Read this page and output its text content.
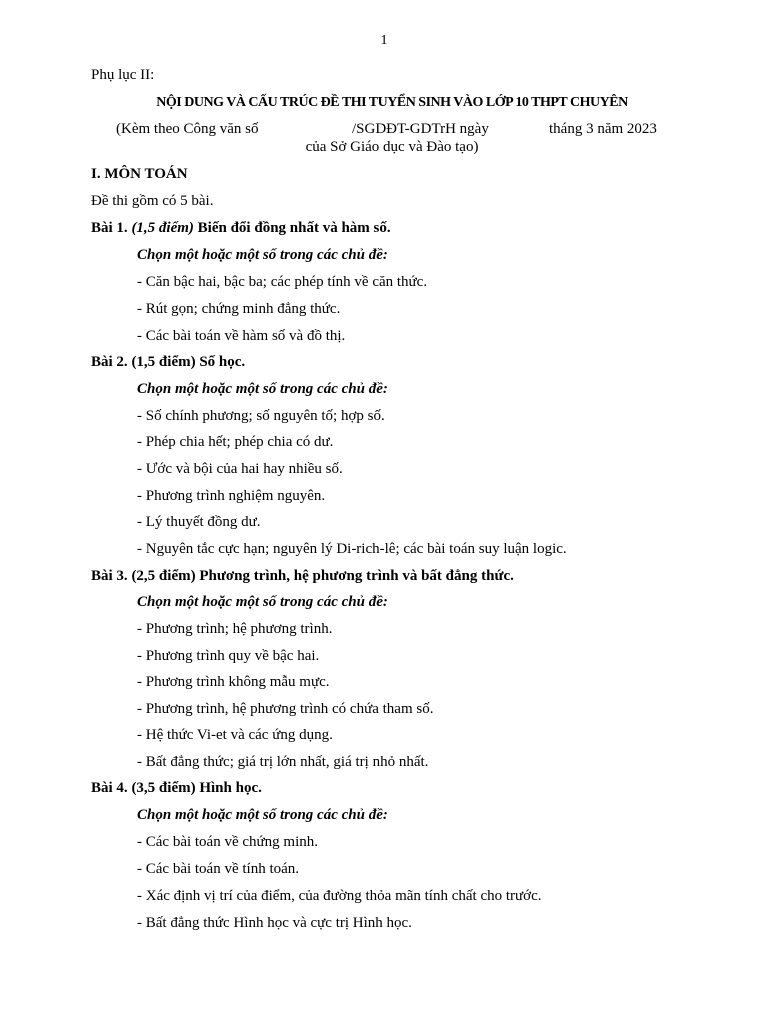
1
Phụ lục II:
NỘI DUNG VÀ CẤU TRÚC ĐỀ THI TUYỂN SINH VÀO LỚP 10 THPT CHUYÊN
(Kèm theo Công văn số	/SGDĐT-GDTrH ngày	tháng 3 năm 2023
của Sở Giáo dục và Đào tạo)
I. MÔN TOÁN
Đề thi gồm có 5 bài.
Bài 1. (1,5 điểm) Biến đổi đồng nhất và hàm số.
Chọn một hoặc một số trong các chủ đề:
- Căn bậc hai, bậc ba; các phép tính về căn thức.
- Rút gọn; chứng minh đẳng thức.
- Các bài toán về hàm số và đồ thị.
Bài 2. (1,5 điểm) Số học.
Chọn một hoặc một số trong các chủ đề:
- Số chính phương; số nguyên tố; hợp số.
- Phép chia hết; phép chia có dư.
- Ước và bội của hai hay nhiều số.
- Phương trình nghiệm nguyên.
- Lý thuyết đồng dư.
- Nguyên tắc cực hạn; nguyên lý Di-rich-lê; các bài toán suy luận logic.
Bài 3. (2,5 điểm) Phương trình, hệ phương trình và bất đẳng thức.
Chọn một hoặc một số trong các chủ đề:
- Phương trình; hệ phương trình.
- Phương trình quy về bậc hai.
- Phương trình không mẫu mực.
- Phương trình, hệ phương trình có chứa tham số.
- Hệ thức Vi-et và các ứng dụng.
- Bất đẳng thức; giá trị lớn nhất, giá trị nhỏ nhất.
Bài 4. (3,5 điểm) Hình học.
Chọn một hoặc một số trong các chủ đề:
- Các bài toán về chứng minh.
- Các bài toán về tính toán.
- Xác định vị trí của điểm, của đường thỏa mãn tính chất cho trước.
- Bất đẳng thức Hình học và cực trị Hình học.
